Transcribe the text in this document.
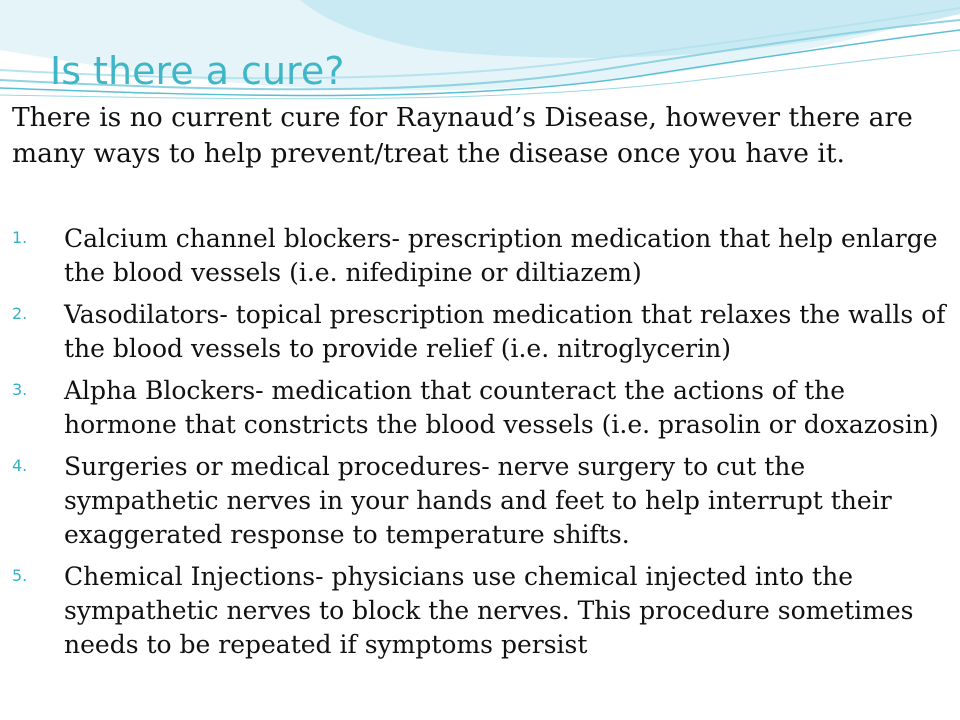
Is there a cure?

There is no current cure for Raynaud’s Disease, however there are many ways to help prevent/treat the disease once you have it.

1. Calcium channel blockers- prescription medication that help enlarge the blood vessels (i.e. nifedipine or diltiazem)
2. Vasodilators- topical prescription medication that relaxes the walls of the blood vessels to provide relief (i.e. nitroglycerin)
3. Alpha Blockers- medication that counteract the actions of the hormone that constricts the blood vessels (i.e. prasolin or doxazosin)
4. Surgeries or medical procedures- nerve surgery to cut the sympathetic nerves in your hands and feet to help interrupt their exaggerated response to temperature shifts.
5. Chemical Injections- physicians use chemical injected into the sympathetic nerves to block the nerves. This procedure sometimes needs to be repeated if symptoms persist
